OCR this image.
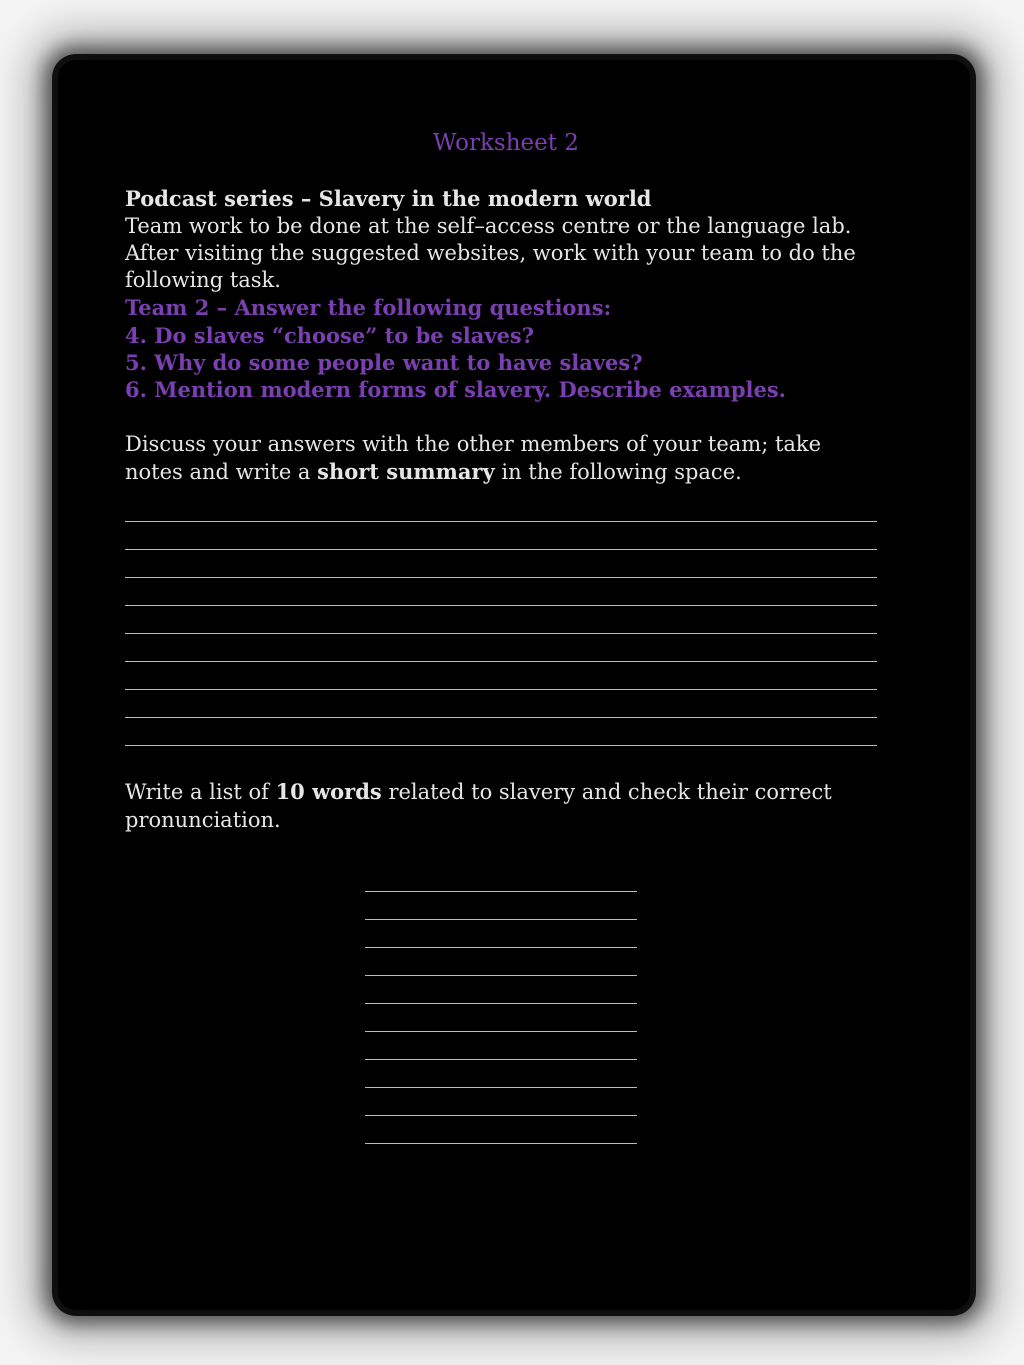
Worksheet 2

Podcast series – Slavery in the modern world

Team work to be done at the self–access centre or the language lab.

After visiting the suggested websites, work with your team to do the following task.

Team 2 – Answer the following questions:

4. Do slaves “choose” to be slaves?

5. Why do some people want to have slaves?

6. Mention modern forms of slavery. Describe examples.

Discuss your answers with the other members of your team; take notes and write a short summary in the following space.

Write a list of 10 words related to slavery and check their correct pronunciation.
